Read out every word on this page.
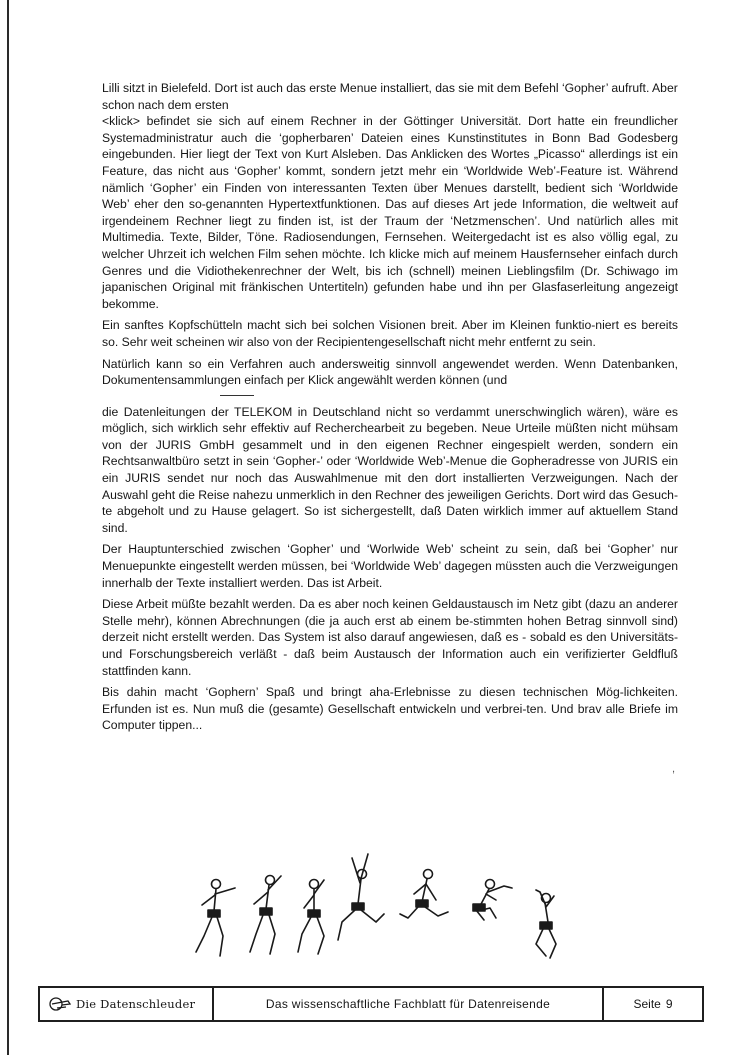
Lilli sitzt in Bielefeld. Dort ist auch das erste Menue installiert, das sie mit dem Befehl ‘Gopher’ aufruft. Aber schon nach dem ersten

<klick> befindet sie sich auf einem Rechner in der Göttinger Universität. Dort hatte ein freundlicher Systemadministratur auch die ‘gopherbaren’ Dateien eines Kunstinstitutes in Bonn Bad Godesberg eingebunden. Hier liegt der Text von Kurt Alsleben. Das Anklicken des Wortes „Picasso“ allerdings ist ein Feature, das nicht aus ‘Gopher’ kommt, sondern jetzt mehr ein ‘Worldwide Web’-Feature ist. Während nämlich ‘Gopher’ ein Finden von interessanten Texten über Menues darstellt, bedient sich ‘Worldwide Web’ eher den so-genannten Hypertextfunktionen. Das auf dieses Art jede Information, die weltweit auf irgendeinem Rechner liegt zu finden ist, ist der Traum der ‘Netzmenschen’. Und natürlich alles mit Multimedia. Texte, Bilder, Töne. Radiosendungen, Fernsehen. Weitergedacht ist es also völlig egal, zu welcher Uhrzeit ich welchen Film sehen möchte. Ich klicke mich auf meinem Hausfernseher einfach durch Genres und die Vidiothekenrechner der Welt, bis ich (schnell) meinen Lieblingsfilm (Dr. Schiwago im japanischen Original mit fränkischen Untertiteln) gefunden habe und ihn per Glasfaserleitung angezeigt bekomme.

Ein sanftes Kopfschütteln macht sich bei solchen Visionen breit. Aber im Kleinen funktio-niert es bereits so. Sehr weit scheinen wir also von der Recipientengesellschaft nicht mehr entfernt zu sein.

Natürlich kann so ein Verfahren auch andersweitig sinnvoll angewendet werden. Wenn Datenbanken, Dokumentensammlungen einfach per Klick angewählt werden können (und

die Datenleitungen der TELEKOM in Deutschland nicht so verdammt unerschwinglich wären), wäre es möglich, sich wirklich sehr effektiv auf Recherchearbeit zu begeben. Neue Urteile müßten nicht mühsam von der JURIS GmbH gesammelt und in den eigenen Rechner eingespielt werden, sondern ein Rechtsanwaltbüro setzt in sein ‘Gopher-’ oder ‘Worldwide Web’-Menue die Gopheradresse von JURIS ein ein JURIS sendet nur noch das Auswahlmenue mit den dort installierten Verzweigungen. Nach der Auswahl geht die Reise nahezu unmerklich in den Rechner des jeweiligen Gerichts. Dort wird das Gesuch-te abgeholt und zu Hause gelagert. So ist sichergestellt, daß Daten wirklich immer auf aktuellem Stand sind.

Der Hauptunterschied zwischen ‘Gopher’ und ‘Worlwide Web’ scheint zu sein, daß bei ‘Gopher’ nur Menuepunkte eingestellt werden müssen, bei ‘Worldwide Web’ dagegen müssten auch die Verzweigungen innerhalb der Texte installiert werden. Das ist Arbeit.

Diese Arbeit müßte bezahlt werden. Da es aber noch keinen Geldaustausch im Netz gibt (dazu an anderer Stelle mehr), können Abrechnungen (die ja auch erst ab einem be-stimmten hohen Betrag sinnvoll sind) derzeit nicht erstellt werden. Das System ist also darauf angewiesen, daß es - sobald es den Universitäts- und Forschungsbereich verläßt - daß beim Austausch der Information auch ein verifizierter Geldfluß stattfinden kann.

Bis dahin macht ‘Gophern’ Spaß und bringt aha-Erlebnisse zu diesen technischen Mög-lichkeiten. Erfunden ist es. Nun muß die (gesamte) Gesellschaft entwickeln und verbrei-ten. Und brav alle Briefe im Computer tippen...

,
Die Datenschleuder	Das wissenschaftliche Fachblatt für Datenreisende	Seite 9
